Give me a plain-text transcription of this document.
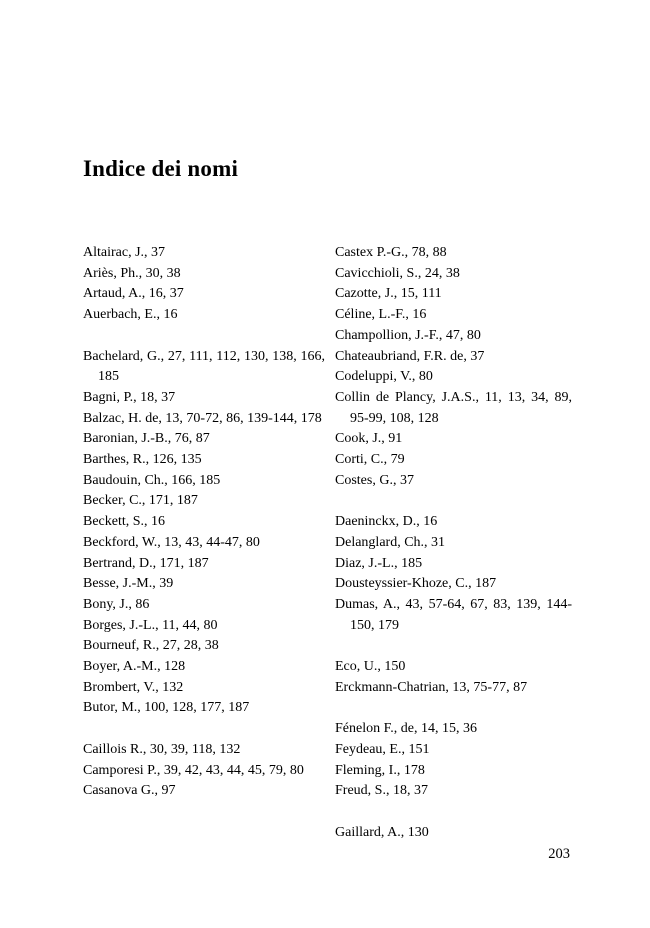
Indice dei nomi

Altairac, J., 37

Ariès, Ph., 30, 38

Artaud, A., 16, 37

Auerbach, E., 16

Bachelard, G., 27, 111, 112, 130, 138, 166, 185

Bagni, P., 18, 37

Balzac, H. de, 13, 70-72, 86, 139-144, 178

Baronian, J.-B., 76, 87

Barthes, R., 126, 135

Baudouin, Ch., 166, 185

Becker, C., 171, 187

Beckett, S., 16

Beckford, W., 13, 43, 44-47, 80

Bertrand, D., 171, 187

Besse, J.-M., 39

Bony, J., 86

Borges, J.-L., 11, 44, 80

Bourneuf, R., 27, 28, 38

Boyer, A.-M., 128

Brombert, V., 132

Butor, M., 100, 128, 177, 187

Caillois R., 30, 39, 118, 132

Camporesi P., 39, 42, 43, 44, 45, 79, 80

Casanova G., 97

Castex P.-G., 78, 88

Cavicchioli, S., 24, 38

Cazotte, J., 15, 111

Céline, L.-F., 16

Champollion, J.-F., 47, 80

Chateaubriand, F.R. de, 37

Codeluppi, V., 80

Collin de Plancy, J.A.S., 11, 13, 34, 89, 95-99, 108, 128

Cook, J., 91

Corti, C., 79

Costes, G., 37

Daeninckx, D., 16

Delanglard, Ch., 31

Diaz, J.-L., 185

Dousteyssier-Khoze, C., 187

Dumas, A., 43, 57-64, 67, 83, 139, 144-150, 179

Eco, U., 150

Erckmann-Chatrian, 13, 75-77, 87

Fénelon F., de, 14, 15, 36

Feydeau, E., 151

Fleming, I., 178

Freud, S., 18, 37

Gaillard, A., 130

203
